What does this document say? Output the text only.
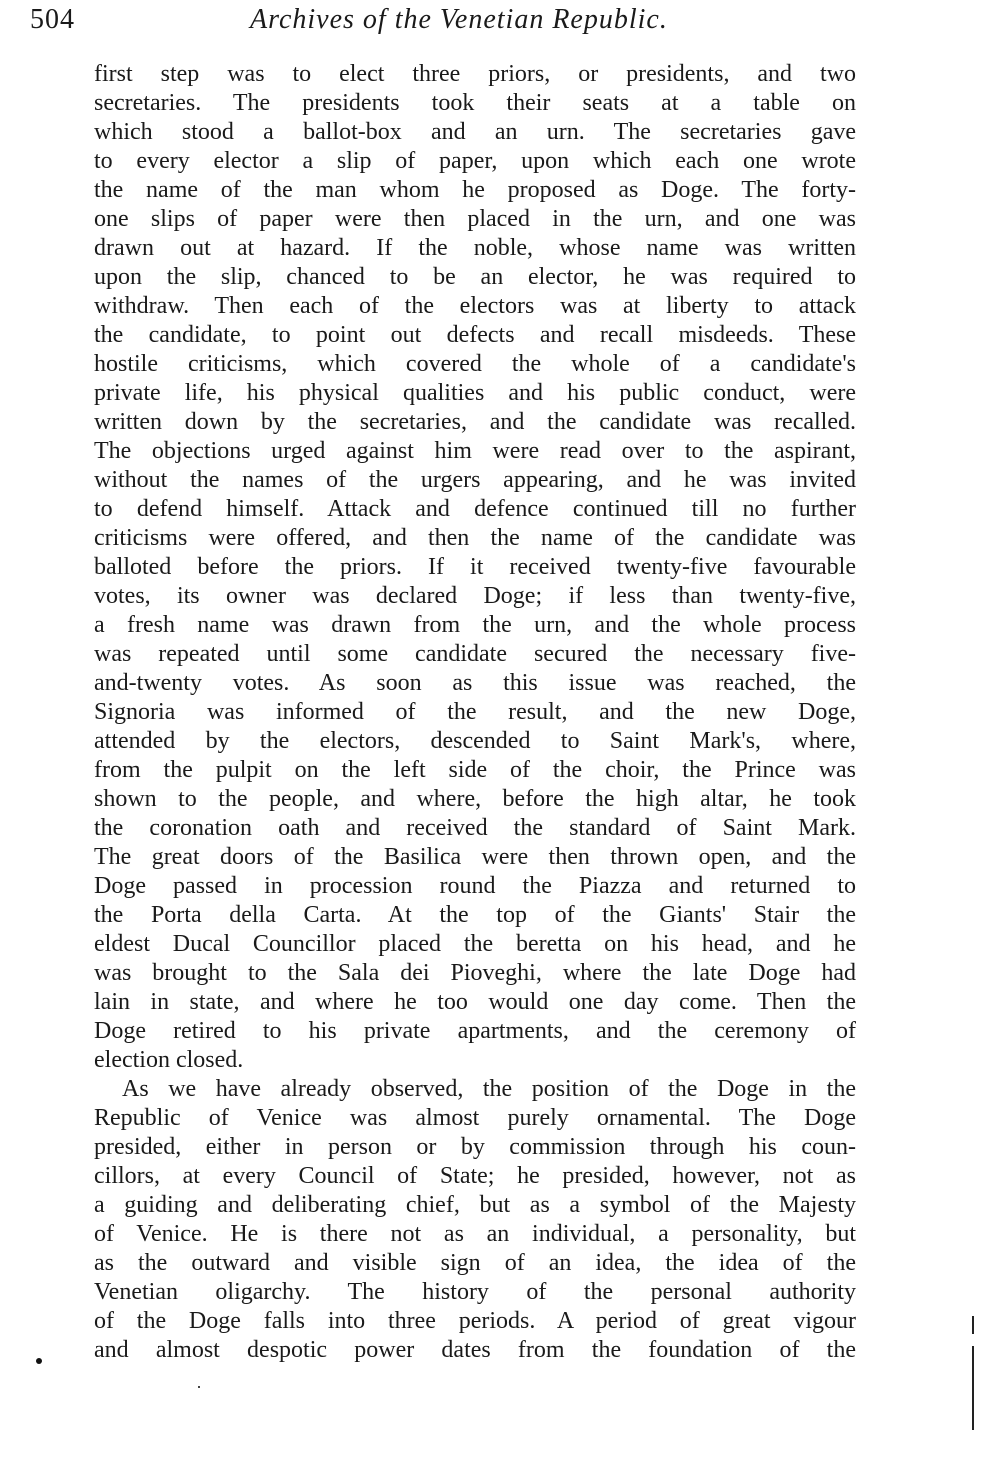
504	Archives of the Venetian Republic.
first step was to elect three priors, or presidents, and two
secretaries. The presidents took their seats at a table on
which stood a ballot-box and an urn. The secretaries gave
to every elector a slip of paper, upon which each one wrote
the name of the man whom he proposed as Doge. The forty-
one slips of paper were then placed in the urn, and one was
drawn out at hazard. If the noble, whose name was written
upon the slip, chanced to be an elector, he was required to
withdraw. Then each of the electors was at liberty to attack
the candidate, to point out defects and recall misdeeds. These
hostile criticisms, which covered the whole of a candidate's
private life, his physical qualities and his public conduct, were
written down by the secretaries, and the candidate was recalled.
The objections urged against him were read over to the aspirant,
without the names of the urgers appearing, and he was invited
to defend himself. Attack and defence continued till no further
criticisms were offered, and then the name of the candidate was
balloted before the priors. If it received twenty-five favourable
votes, its owner was declared Doge; if less than twenty-five,
a fresh name was drawn from the urn, and the whole process
was repeated until some candidate secured the necessary five-
and-twenty votes. As soon as this issue was reached, the
Signoria was informed of the result, and the new Doge,
attended by the electors, descended to Saint Mark's, where,
from the pulpit on the left side of the choir, the Prince was
shown to the people, and where, before the high altar, he took
the coronation oath and received the standard of Saint Mark.
The great doors of the Basilica were then thrown open, and the
Doge passed in procession round the Piazza and returned to
the Porta della Carta. At the top of the Giants' Stair the
eldest Ducal Councillor placed the beretta on his head, and he
was brought to the Sala dei Pioveghi, where the late Doge had
lain in state, and where he too would one day come. Then the
Doge retired to his private apartments, and the ceremony of
election closed.
As we have already observed, the position of the Doge in the
Republic of Venice was almost purely ornamental. The Doge
presided, either in person or by commission through his coun-
cillors, at every Council of State; he presided, however, not as
a guiding and deliberating chief, but as a symbol of the Majesty
of Venice. He is there not as an individual, a personality, but
as the outward and visible sign of an idea, the idea of the
Venetian oligarchy. The history of the personal authority
of the Doge falls into three periods. A period of great vigour
and almost despotic power dates from the foundation of the
